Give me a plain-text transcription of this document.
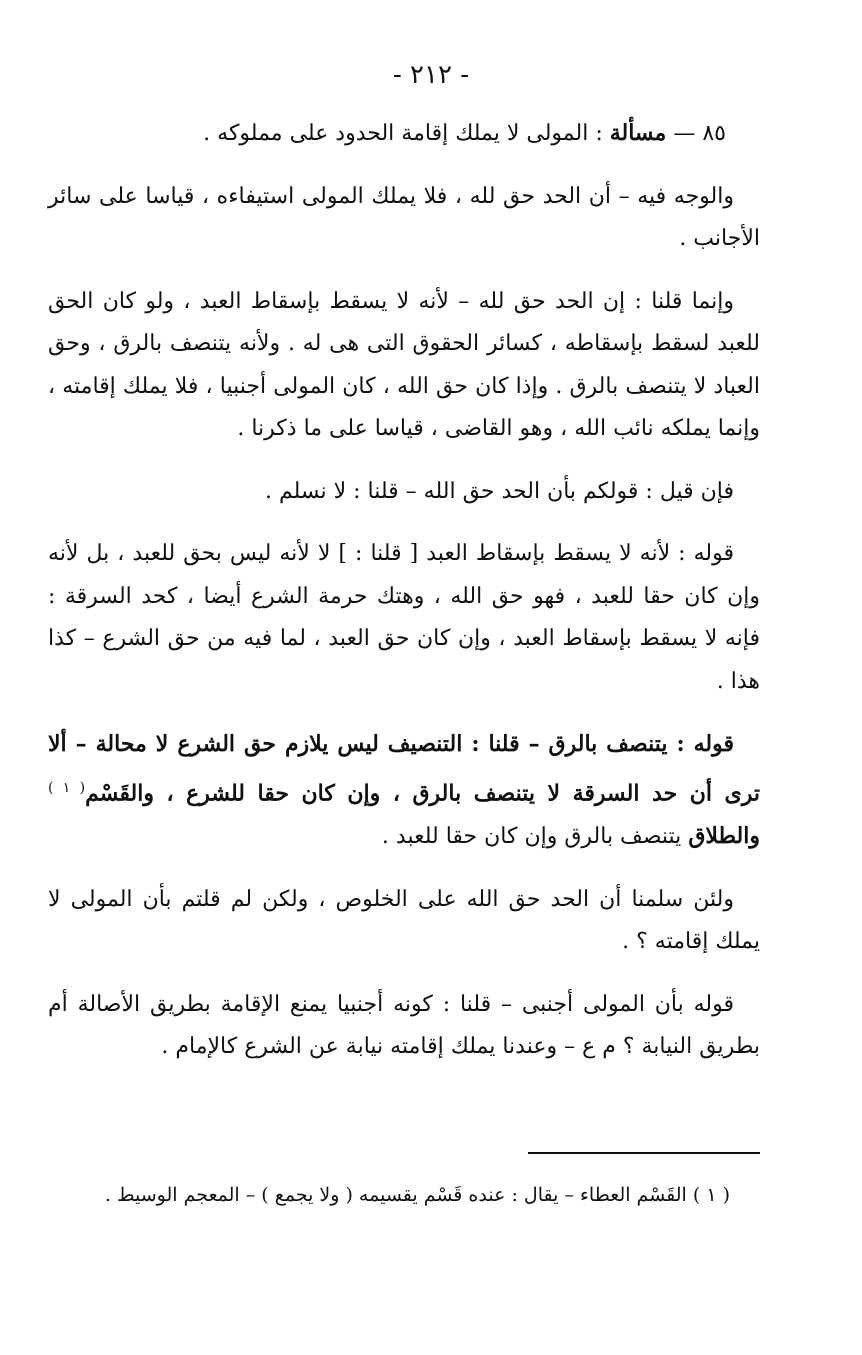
- ٢١٢ -

٨٥ — مسألة : المولى لا يملك إقامة الحدود على مملوكه .

والوجه فيه – أن الحد حق لله ، فلا يملك المولى استيفاءه ، قياسا على سائر الأجانب .

وإنما قلنا : إن الحد حق لله – لأنه لا يسقط بإسقاط العبد ، ولو كان الحق للعبد لسقط بإسقاطه ، كسائر الحقوق التى هى له . ولأنه يتنصف بالرق ، وحق العباد لا يتنصف بالرق . وإذا كان حق الله ، كان المولى أجنبيا ، فلا يملك إقامته ، وإنما يملكه نائب الله ، وهو القاضى ، قياسا على ما ذكرنا .

فإن قيل : قولكم بأن الحد حق الله – قلنا : لا نسلم .

قوله : لأنه لا يسقط بإسقاط العبد [ قلنا : ] لا لأنه ليس بحق للعبد ، بل لأنه وإن كان حقا للعبد ، فهو حق الله ، وهتك حرمة الشرع أيضا ، كحد السرقة : فإنه لا يسقط بإسقاط العبد ، وإن كان حق العبد ، لما فيه من حق الشرع – كذا هذا .

قوله : يتنصف بالرق – قلنا : التنصيف ليس يلازم حق الشرع لا محالة – ألا ترى أن حد السرقة لا يتنصف بالرق ، وإن كان حقا للشرع ، والقَسْم$^{( ١ )}$ والطلاق يتنصف بالرق وإن كان حقا للعبد .

ولئن سلمنا أن الحد حق الله على الخلوص ، ولكن لم قلتم بأن المولى لا يملك إقامته ؟ .

قوله بأن المولى أجنبى – قلنا : كونه أجنبيا يمنع الإقامة بطريق الأصالة أم بطريق النيابة ؟ م ع – وعندنا يملك إقامته نيابة عن الشرع كالإمام .

( ١ ) القَسْم العطاء – يقال : عنده قَسْم يقسيمه ( ولا يجمع ) – المعجم الوسيط .
